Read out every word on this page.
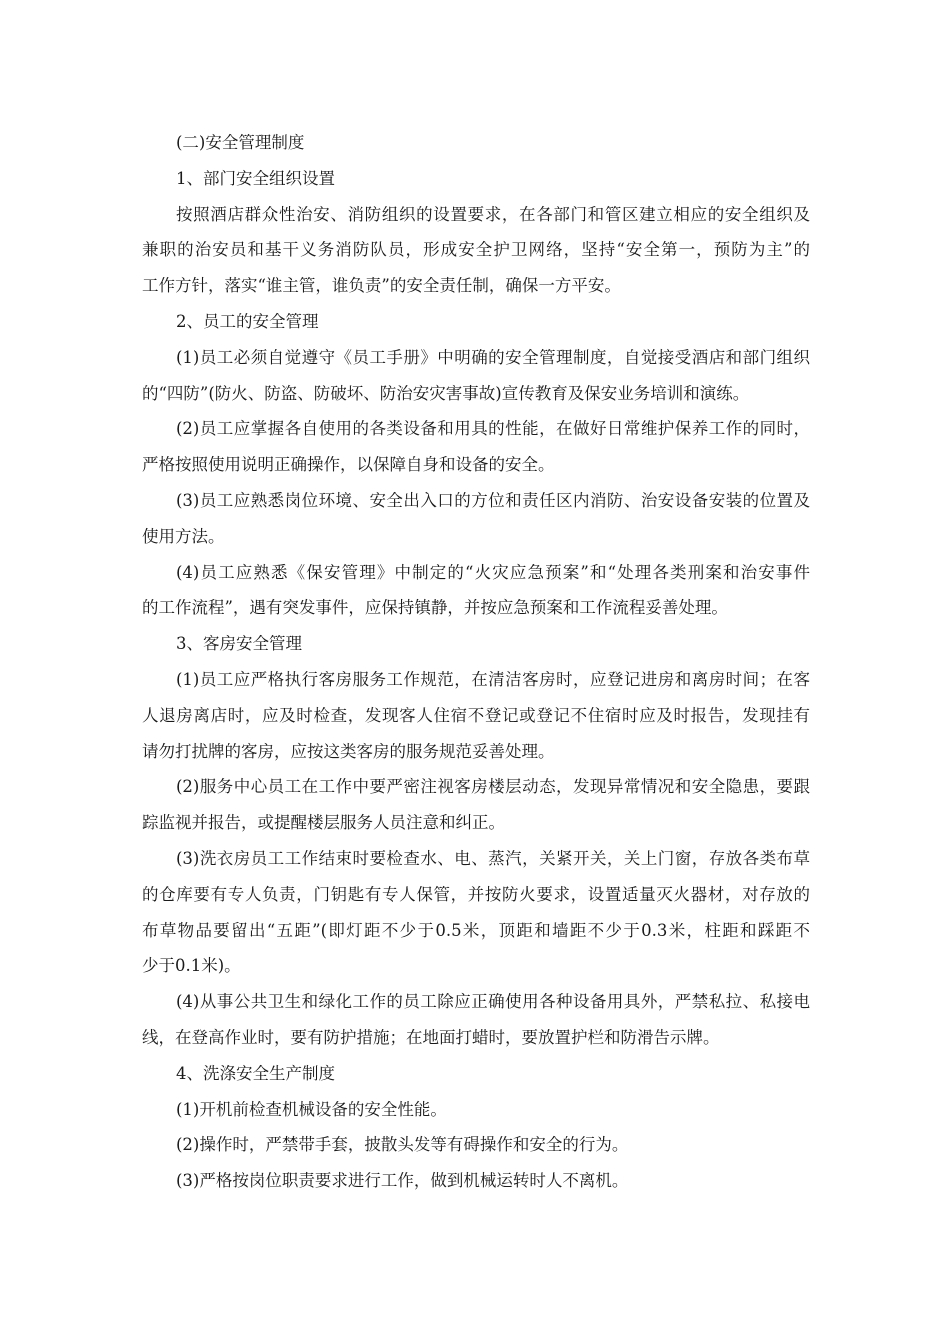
(二)安全管理制度
1、部门安全组织设置
按照酒店群众性治安、消防组织的设置要求，在各部门和管区建立相应的安全组织及
兼职的治安员和基干义务消防队员，形成安全护卫网络，坚持“安全第一，预防为主”的
工作方针，落实“谁主管，谁负责”的安全责任制，确保一方平安。
2、员工的安全管理
(1)员工必须自觉遵守《员工手册》中明确的安全管理制度，自觉接受酒店和部门组织
的“四防”(防火、防盗、防破坏、防治安灾害事故)宣传教育及保安业务培训和演练。
(2)员工应掌握各自使用的各类设备和用具的性能，在做好日常维护保养工作的同时，
严格按照使用说明正确操作，以保障自身和设备的安全。
(3)员工应熟悉岗位环境、安全出入口的方位和责任区内消防、治安设备安装的位置及
使用方法。
(4)员工应熟悉《保安管理》中制定的“火灾应急预案”和“处理各类刑案和治安事件
的工作流程”，遇有突发事件，应保持镇静，并按应急预案和工作流程妥善处理。
3、客房安全管理
(1)员工应严格执行客房服务工作规范，在清洁客房时，应登记进房和离房时间；在客
人退房离店时，应及时检查，发现客人住宿不登记或登记不住宿时应及时报告，发现挂有
请勿打扰牌的客房，应按这类客房的服务规范妥善处理。
(2)服务中心员工在工作中要严密注视客房楼层动态，发现异常情况和安全隐患，要跟
踪监视并报告，或提醒楼层服务人员注意和纠正。
(3)洗衣房员工工作结束时要检查水、电、蒸汽，关紧开关，关上门窗，存放各类布草
的仓库要有专人负责，门钥匙有专人保管，并按防火要求，设置适量灭火器材，对存放的
布草物品要留出“五距”(即灯距不少于0.5米，顶距和墙距不少于0.3米，柱距和踩距不
少于0.1米)。
(4)从事公共卫生和绿化工作的员工除应正确使用各种设备用具外，严禁私拉、私接电
线，在登高作业时，要有防护措施；在地面打蜡时，要放置护栏和防滑告示牌。
4、洗涤安全生产制度
(1)开机前检查机械设备的安全性能。
(2)操作时，严禁带手套，披散头发等有碍操作和安全的行为。
(3)严格按岗位职责要求进行工作，做到机械运转时人不离机。
